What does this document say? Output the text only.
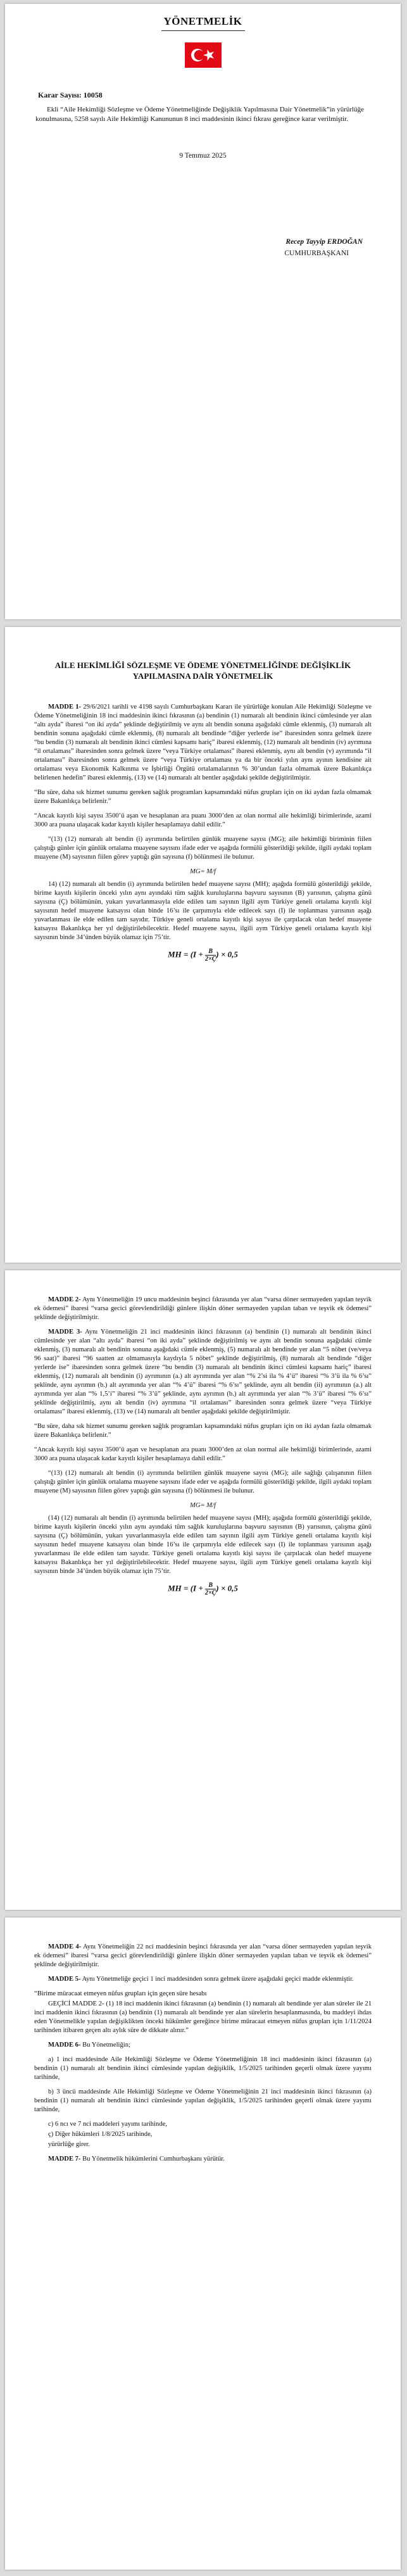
YÖNETMELİK
Karar Sayısı: 10058
Ekli “Aile Hekimliği Sözleşme ve Ödeme Yönetmeliğinde Değişiklik Yapılmasına Dair Yönetmelik”in yürürlüğe konulmasına, 5258 sayılı Aile Hekimliği Kanununun 8 inci maddesinin ikinci fıkrası gereğince karar verilmiştir.
9 Temmuz 2025
Recep Tayyip ERDOĞAN
CUMHURBAŞKANI
AİLE HEKİMLİĞİ SÖZLEŞME VE ÖDEME YÖNETMELİĞİNDE DEĞİŞİKLİK YAPILMASINA DAİR YÖNETMELİK

MADDE 1- 29/6/2021 tarihli ve 4198 sayılı Cumhurbaşkanı Kararı ile yürürlüğe konulan Aile Hekimliği Sözleşme ve Ödeme Yönetmeliğinin 18 inci maddesinin ikinci fıkrasının (a) bendinin (1) numaralı alt bendinin ikinci cümlesinde yer alan “altı ayda” ibaresi “on iki ayda” şeklinde değiştirilmiş ve aynı alt bendin sonuna aşağıdaki cümle eklenmiş, (3) numaralı alt bendinin sonuna aşağıdaki cümle eklenmiş, (8) numaralı alt bendinde “diğer yerlerde ise” ibaresinden sonra gelmek üzere “bu bendin (3) numaralı alt bendinin ikinci cümlesi kapsamı hariç” ibaresi eklenmiş, (12) numaralı alt bendinin (iv) ayrımına “il ortalaması” ibaresinden sonra gelmek üzere “veya Türkiye ortalaması” ibaresi eklenmiş, aynı alt bendin (v) ayrımında “il ortalaması” ibaresinden sonra gelmek üzere “veya Türkiye ortalaması ya da bir önceki yılın aynı ayının kendisine ait ortalaması veya Ekonomik Kalkınma ve İşbirliği Örgütü ortalamalarının % 30’undan fazla olmamak üzere Bakanlıkça belirlenen hedefin” ibaresi eklenmiş, (13) ve (14) numaralı alt bentler aşağıdaki şekilde değiştirilmiştir.

“Bu süre, daha sık hizmet sunumu gereken sağlık programları kapsamındaki nüfus grupları için on iki aydan fazla olmamak üzere Bakanlıkça belirlenir.”

“Ancak kayıtlı kişi sayısı 3500’ü aşan ve hesaplanan ara puanı 3000’den az olan normal aile hekimliği birimlerinde, azami 3000 ara puana ulaşacak kadar kayıtlı kişiler hesaplamaya dahil edilir.”

“(13) (12) numaralı alt bendin (i) ayrımında belirtilen günlük muayene sayısı (MG); aile hekimliği biriminin fiilen çalıştığı günler için günlük ortalama muayene sayısını ifade eder ve aşağıda formülü gösterildiği şekilde, ilgili aydaki toplam muayene (M) sayısının fiilen görev yaptığı gün sayısına (f) bölünmesi ile bulunur.

MG= M/f

14) (12) numaralı alt bendin (i) ayrımında belirtilen hedef muayene sayısı (MH); aşağıda formülü gösterildiği şekilde, birime kayıtlı kişilerin önceki yılın aynı ayındaki tüm sağlık kuruluşlarına başvuru sayısının (B) yarısının, çalışma günü sayısına (Ç) bölümünün, yukarı yuvarlanmasıyla elde edilen tam sayının ilgili aym Türkiye geneli ortalama kayıtlı kişi sayısının hedef muayene katsayısı olan binde 16’sı ile çarpımıyla elde edilecek sayı (I) ile toplanması yarısının aşağı yuvarlanması ile elde edilen tam sayıdır. Türkiye geneli ortalama kayıtlı kişi sayısı ile çarpılacak olan hedef muayene katsayısı Bakanlıkça her yıl değiştirilebilecektir. Hedef muayene sayısı, ilgili aym Türkiye geneli ortalama kayıtlı kişi sayısının binde 34’ünden büyük olamaz için 75’tir.

MH = ($I + \frac{B}{2\times Ç}$ ) × 0,5

MADDE 2- Aynı Yönetmeliğin 19 uncu maddesinin beşinci fıkrasında yer alan “varsa döner sermayeden yapılan teşvik ek ödemesi” ibaresi “varsa gecici görevlendirildiği günlere ilişkin döner sermayeden yapılan taban ve teşvik ek ödemesi” şeklinde değiştirilmiştir.

MADDE 3- Aynı Yönetmeliğin 21 inci maddesinin ikinci fıkrasının (a) bendinin (1) numaralı alt bendinin ikinci cümlesinde yer alan “altı ayda” ibaresi “on iki ayda” şeklinde değiştirilmiş ve aynı alt bendin sonuna aşağıdaki cümle eklenmiş, (3) numaralı alt bendinin sonuna aşağıdaki cümle eklenmiş, (5) numaralı alt bendinde yer alan “5 nöbet (ve/veya 96 saat)” ibaresi “96 saatten az olmamasıyla kaydıyla 5 nöbet” şeklinde değiştirilmiş, (8) numaralı alt bendinde “diğer yerlerde ise” ibaresinden sonra gelmek üzere “bu bendin (3) numaralı alt bendinin ikinci cümlesi kapsamı hariç” ibaresi eklenmiş, (12) numaralı alt bendinin (i) ayrımının (a.) alt ayrımında yer alan “% 2’si ila % 4’ü” ibaresi “% 3’ü ila % 6’sı” şeklinde, aynı ayrımın (b.) alt ayrımında yer alan “% 4’ü” ibaresi “% 6’sı” şeklinde, aynı alt bendin (ii) ayrımının (a.) alt ayrımında yer alan “% 1,5’i” ibaresi “% 3’ü” şeklinde, aynı ayrımın (b.) alt ayrımında yer alan “% 3’ü” ibaresi “% 6’sı” şeklinde değiştirilmiş, aynı alt bendin (iv) ayrımına “il ortalaması” ibaresinden sonra gelmek üzere “veya Türkiye ortalaması” ibaresi eklenmiş, (13) ve (14) numaralı alt bentler aşağıdaki şekilde değiştirilmiştir.

“Bu süre, daha sık hizmet sunumu gereken sağlık programları kapsamındaki nüfus grupları için on iki aydan fazla olmamak üzere Bakanlıkça belirlenir.”

“Ancak kayıtlı kişi sayısı 3500’ü aşan ve hesaplanan ara puanı 3000’den az olan normal aile hekimliği birimlerinde, azami 3000 ara puana ulaşacak kadar kayıtlı kişiler hesaplamaya dahil edilir.”

“(13) (12) numaralı alt bendin (i) ayrımında belirtilen günlük muayene sayısı (MG); aile sağlığı çalışanının fiilen çalıştığı günler için günlük ortalama muayene sayısını ifade eder ve aşağıda formülü gösterildiği şekilde, ilgili aydaki toplam muayene (M) sayısının fiilen görev yaptığı gün sayısına (f) bölünmesi ile bulunur.

MG= M/f

(14) (12) numaralı alt bendin (i) ayrımında belirtilen hedef muayene sayısı (MH); aşağıda formülü gösterildiği şekilde, birime kayıtlı kişilerin önceki yılın aynı ayındaki tüm sağlık kuruluşlarına başvuru sayısının (B) yarısının, çalışma günü sayısına (Ç) bölümünün, yukarı yuvarlanmasıyla elde edilen tam sayının ilgili aym Türkiye geneli ortalama kayıtlı kişi sayısının hedef muayene katsayısı olan binde 16’sı ile çarpımıyla elde edilecek sayı (I) ile toplanması yarısının aşağı yuvarlanması ile elde edilen tam sayıdır. Türkiye geneli ortalama kayıtlı kişi sayısı ile çarpılacak olan hedef muayene katsayısı Bakanlıkça her yıl değiştirilebilecektir. Hedef muayene sayısı, ilgili aym Türkiye geneli ortalama kayıtlı kişi sayısının binde 34’ünden büyük olamaz için 75’tir.

MH = ($I + \frac{B}{2\times Ç}$ ) × 0,5

MADDE 4- Aynı Yönetmeliğin 22 nci maddesinin beşinci fıkrasında yer alan “varsa döner sermayeden yapılan teşvik ek ödemesi” ibaresi “varsa gecici görevlendirildiği günlere ilişkin döner sermayeden yapılan taban ve teşvik ek ödemesi” şeklinde değiştirilmiştir.

MADDE 5- Aynı Yönetmeliğe geçici 1 inci maddesinden sonra gelmek üzere aşağıdaki geçici madde eklenmiştir.

“Birime müracaat etmeyen nüfus grupları için geçen süre hesabı

GEÇİCİ MADDE 2- (1) 18 inci maddenin ikinci fıkrasının (a) bendinin (1) numaralı alt bendinde yer alan süreler ile 21 inci maddenin ikinci fıkrasının (a) bendinin (1) numaralı alt bendinde yer alan sürelerin hesaplanmasında, bu maddeyi ihdas eden Yönetmelikle yapılan değişiklikten önceki hükümler gereğince birime müracaat etmeyen nüfus grupları için 1/11/2024 tarihinden itibaren geçen altı aylık süre de dikkate alınır.”

MADDE 6- Bu Yönetmeliğin;

a) 1 inci maddesinde Aile Hekimliği Sözleşme ve Ödeme Yönetmeliğinin 18 inci maddesinin ikinci fıkrasının (a) bendinin (1) numaralı alt bendinin ikinci cümlesinde yapılan değişiklik, 1/5/2025 tarihinden geçerli olmak üzere yayımı tarihinde,

b) 3 üncü maddesinde Aile Hekimliği Sözleşme ve Ödeme Yönetmeliğinin 21 inci maddesinin ikinci fıkrasının (a) bendinin (1) numaralı alt bendinin ikinci cümlesinde yapılan değişiklik, 1/5/2025 tarihinden geçerli olmak üzere yayımı tarihinde,

c) 6 ncı ve 7 nci maddeleri yayımı tarihinde,

ç) Diğer hükümleri 1/8/2025 tarihinde,

yürürlüğe girer.

MADDE 7- Bu Yönetmelik hükümlerini Cumhurbaşkanı yürütür.
